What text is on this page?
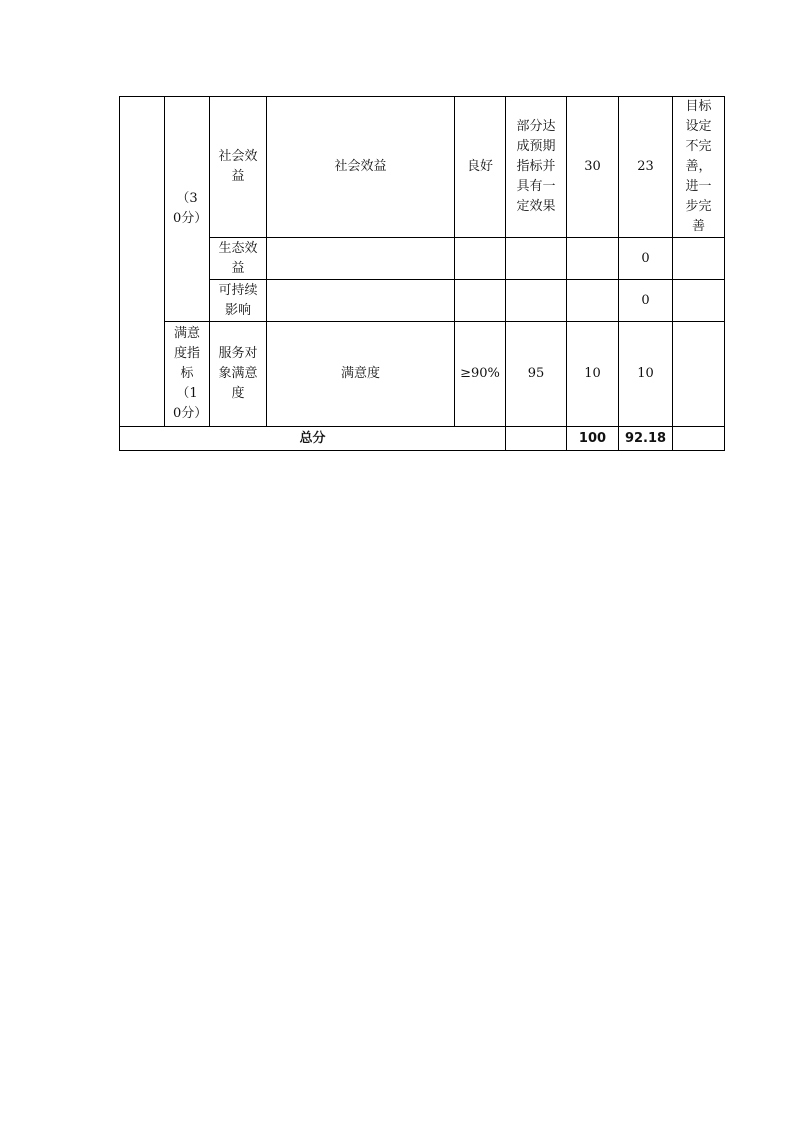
	（30分）	社会效益	社会效益	良好	部分达成预期指标并具有一定效果	30	23	目标设定不完善，进一步完善

		生态效益					0	

		可持续影响					0	

	满意度指标（10分）	服务对象满意度	满意度	≥90%	95	10	10	
总分						100	92.18	
